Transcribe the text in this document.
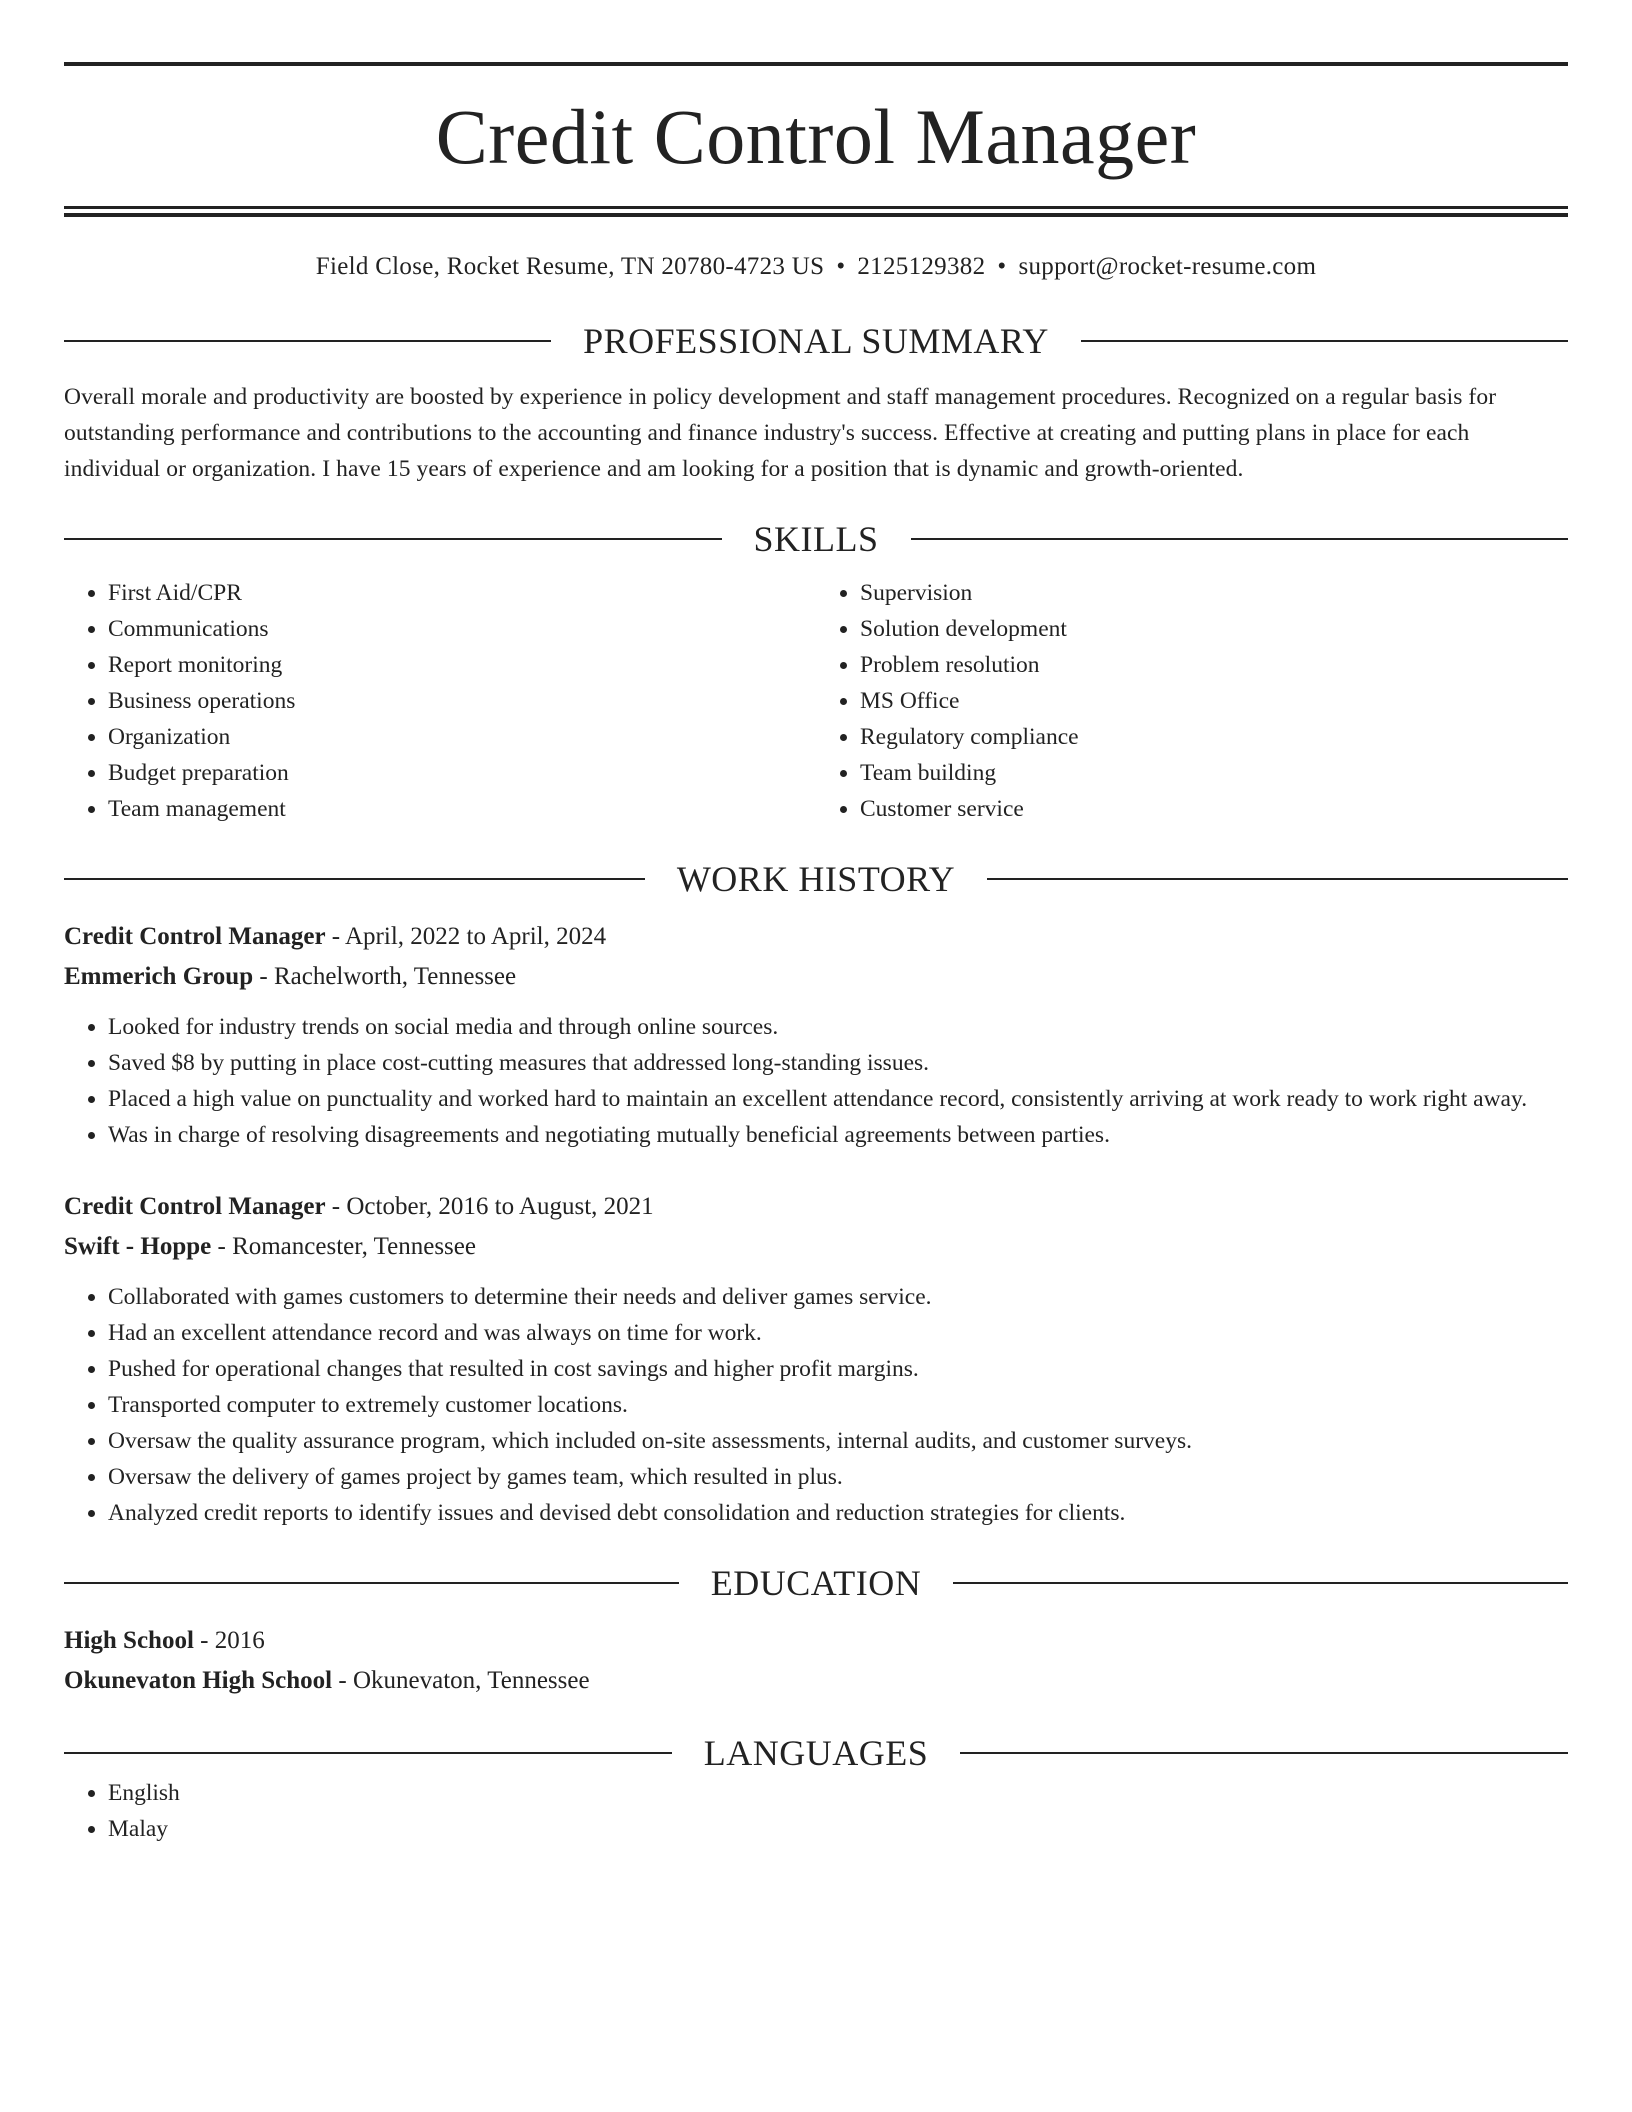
Credit Control Manager
Field Close, Rocket Resume, TN 20780-4723 US • 2125129382 • support@rocket-resume.com
PROFESSIONAL SUMMARY

Overall morale and productivity are boosted by experience in policy development and staff management procedures. Recognized on a regular basis for outstanding performance and contributions to the accounting and finance industry's success. Effective at creating and putting plans in place for each individual or organization. I have 15 years of experience and am looking for a position that is dynamic and growth-oriented.

SKILLS
• First Aid/CPR
• Communications
• Report monitoring
• Business operations
• Organization
• Budget preparation
• Team management
• Supervision
• Solution development
• Problem resolution
• MS Office
• Regulatory compliance
• Team building
• Customer service
WORK HISTORY
Credit Control Manager - April, 2022 to April, 2024
Emmerich Group - Rachelworth, Tennessee
• Looked for industry trends on social media and through online sources.
• Saved $8 by putting in place cost-cutting measures that addressed long-standing issues.
• Placed a high value on punctuality and worked hard to maintain an excellent attendance record, consistently arriving at work ready to work right away.
• Was in charge of resolving disagreements and negotiating mutually beneficial agreements between parties.
Credit Control Manager - October, 2016 to August, 2021
Swift - Hoppe - Romancester, Tennessee
• Collaborated with games customers to determine their needs and deliver games service.
• Had an excellent attendance record and was always on time for work.
• Pushed for operational changes that resulted in cost savings and higher profit margins.
• Transported computer to extremely customer locations.
• Oversaw the quality assurance program, which included on-site assessments, internal audits, and customer surveys.
• Oversaw the delivery of games project by games team, which resulted in plus.
• Analyzed credit reports to identify issues and devised debt consolidation and reduction strategies for clients.
EDUCATION
High School - 2016
Okunevaton High School - Okunevaton, Tennessee
LANGUAGES
• English
• Malay
